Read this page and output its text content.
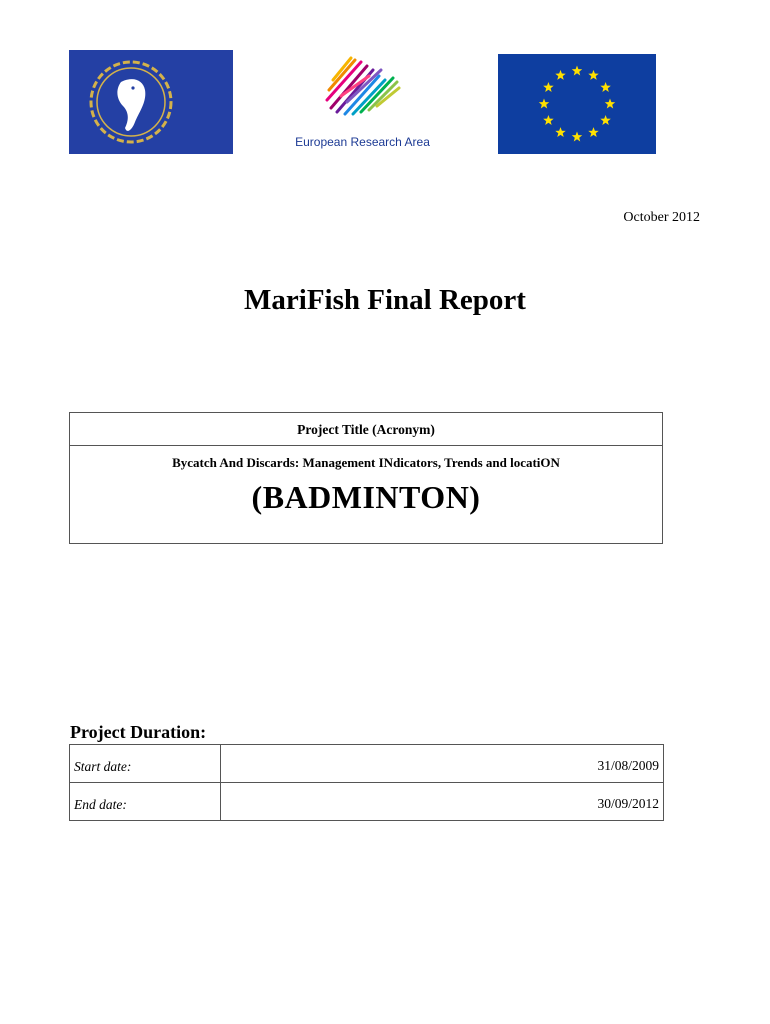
European Research Area
October 2012
MariFish Final Report
Project Title (Acronym)
Bycatch And Discards: Management INdicators, Trends and locatiON
(BADMINTON)
Project Duration:
Start date:	31/08/2009
End date:	30/09/2012
